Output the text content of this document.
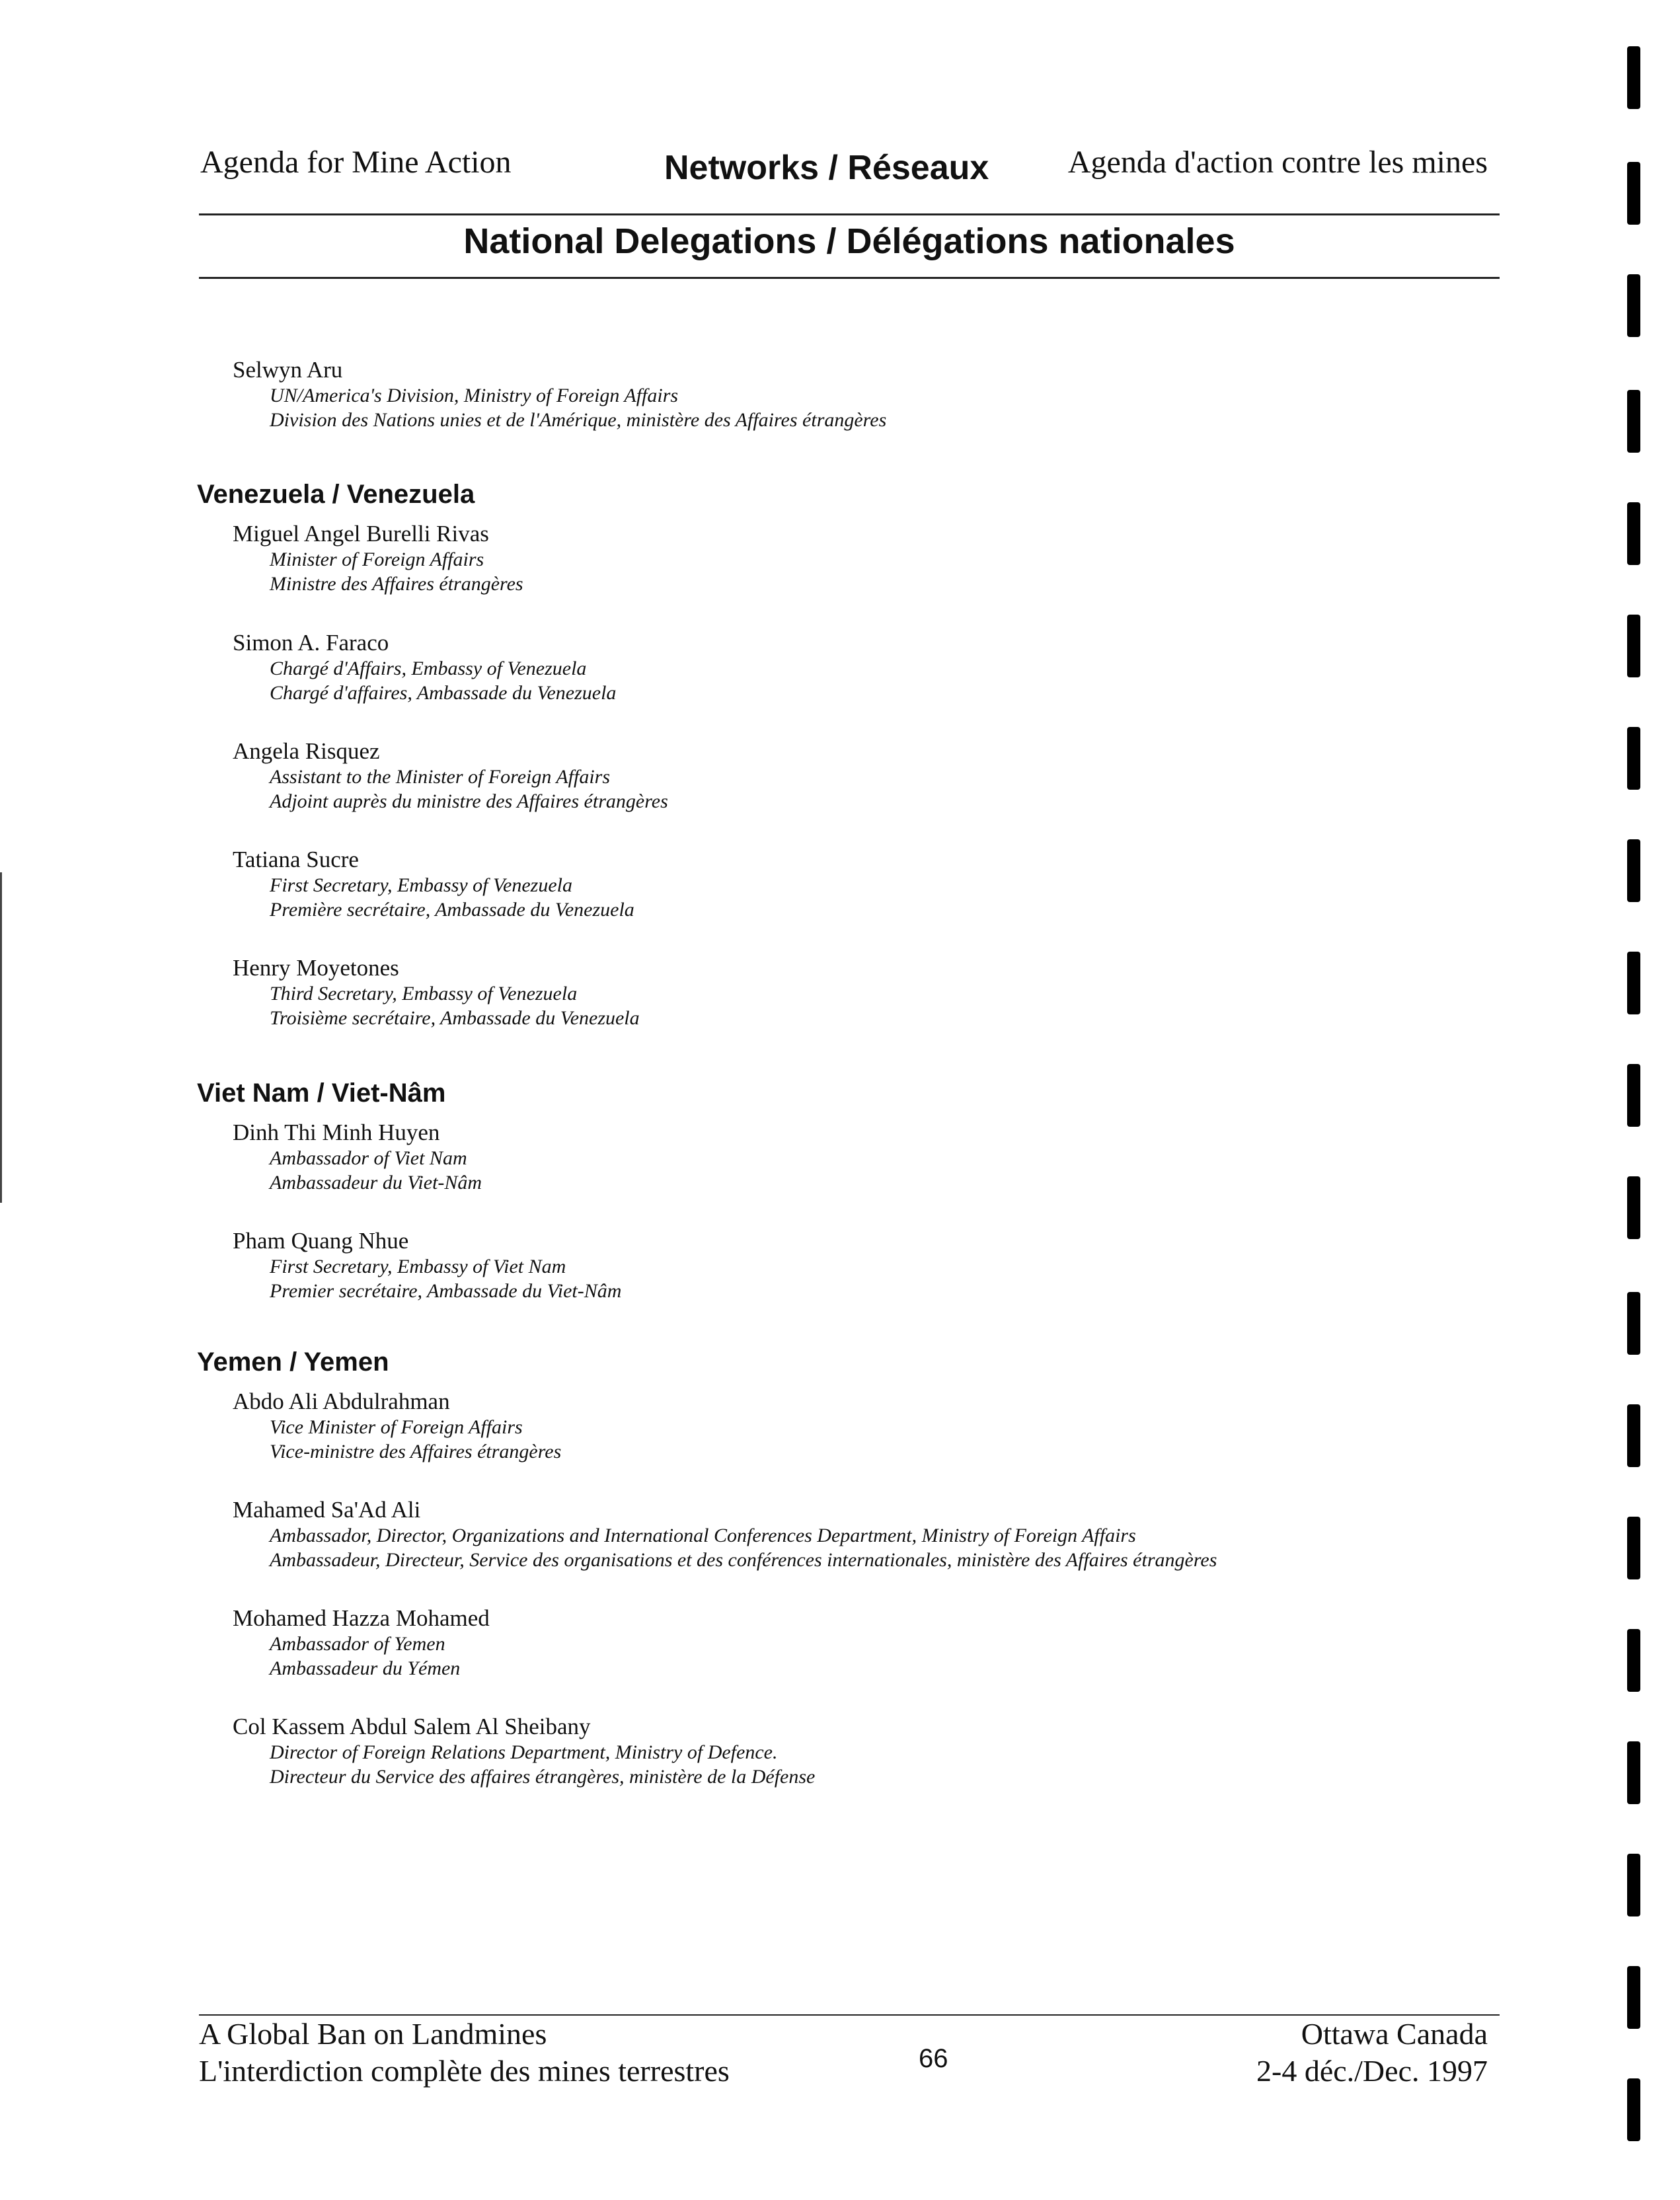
Agenda for Mine Action	Networks / Réseaux Agenda d'action contre les mines
National Delegations / Délégations nationales
Selwyn Aru
UN/America's Division, Ministry of Foreign Affairs
Division des Nations unies et de l'Amérique, ministère des Affaires étrangères
Venezuela / Venezuela
Miguel Angel Burelli Rivas
Minister of Foreign Affairs
Ministre des Affaires étrangères
Simon A. Faraco
Chargé d'Affairs, Embassy of Venezuela
Chargé d'affaires, Ambassade du Venezuela
Angela Risquez
Assistant to the Minister of Foreign Affairs
Adjoint auprès du ministre des Affaires étrangères
Tatiana Sucre
First Secretary, Embassy of Venezuela
Première secrétaire, Ambassade du Venezuela
Henry Moyetones
Third Secretary, Embassy of Venezuela
Troisième secrétaire, Ambassade du Venezuela
Viet Nam / Viet-Nâm
Dinh Thi Minh Huyen
Ambassador of Viet Nam
Ambassadeur du Viet-Nâm
Pham Quang Nhue
First Secretary, Embassy of Viet Nam
Premier secrétaire, Ambassade du Viet-Nâm
Yemen / Yemen
Abdo Ali Abdulrahman
Vice Minister of Foreign Affairs
Vice-ministre des Affaires étrangères
Mahamed Sa'Ad Ali
Ambassador, Director, Organizations and International Conferences Department, Ministry of Foreign Affairs
Ambassadeur, Directeur, Service des organisations et des conférences internationales, ministère des Affaires étrangères
Mohamed Hazza Mohamed
Ambassador of Yemen
Ambassadeur du Yémen
Col Kassem Abdul Salem Al Sheibany
Director of Foreign Relations Department, Ministry of Defence.
Directeur du Service des affaires étrangères, ministère de la Défense
A Global Ban on Landmines
L'interdiction complète des mines terrestres	66
Ottawa Canada
2-4 déc./Dec. 1997
